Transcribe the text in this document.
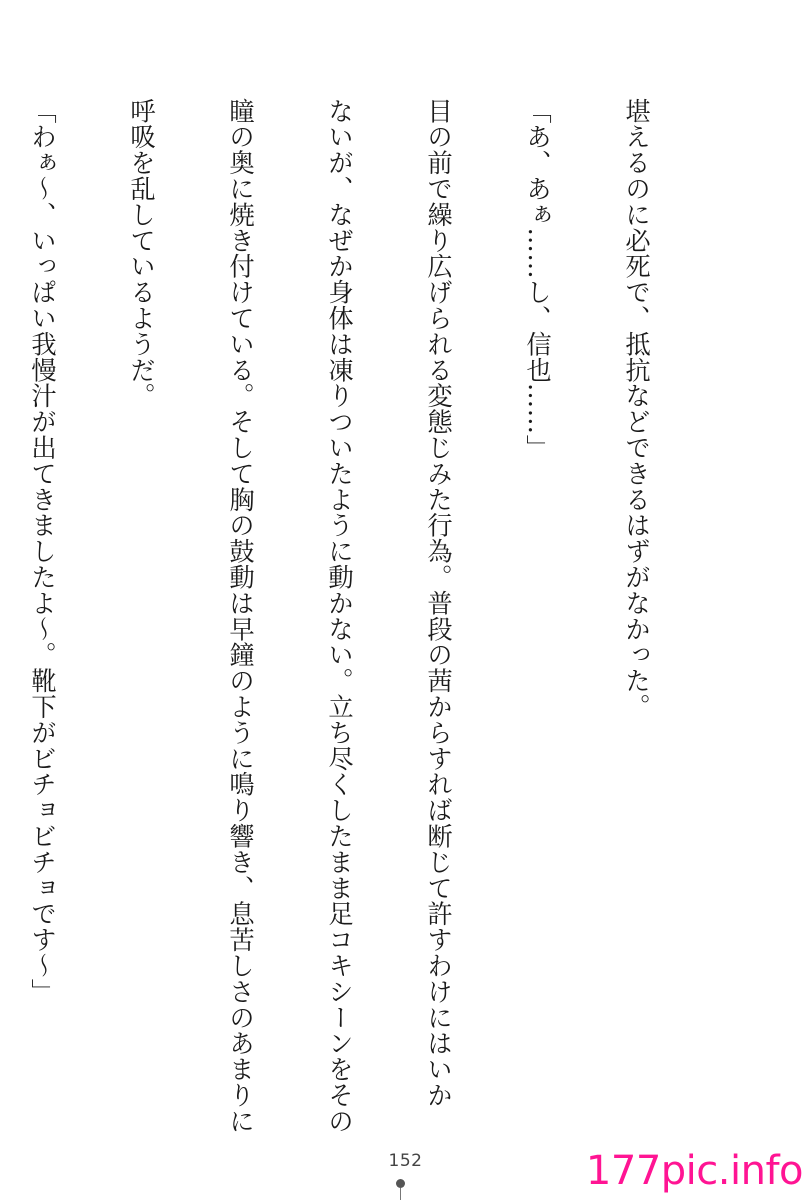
堪えるのに必死で、抵抗などできるはずがなかった。

「あ、あぁ……し、信也……」

目の前で繰り広げられる変態じみた行為。普段の茜からすれば断じて許すわけにはいか

ないが、なぜか身体は凍りついたように動かない。立ち尽くしたまま足コキシーンをその

瞳の奥に焼き付けている。そして胸の鼓動は早鐘のように鳴り響き、息苦しさのあまりに

呼吸を乱しているようだ。

「わぁ〜、いっぱい我慢汁が出てきましたよ〜。靴下がビチョビチョです〜」

152	177pic.info
